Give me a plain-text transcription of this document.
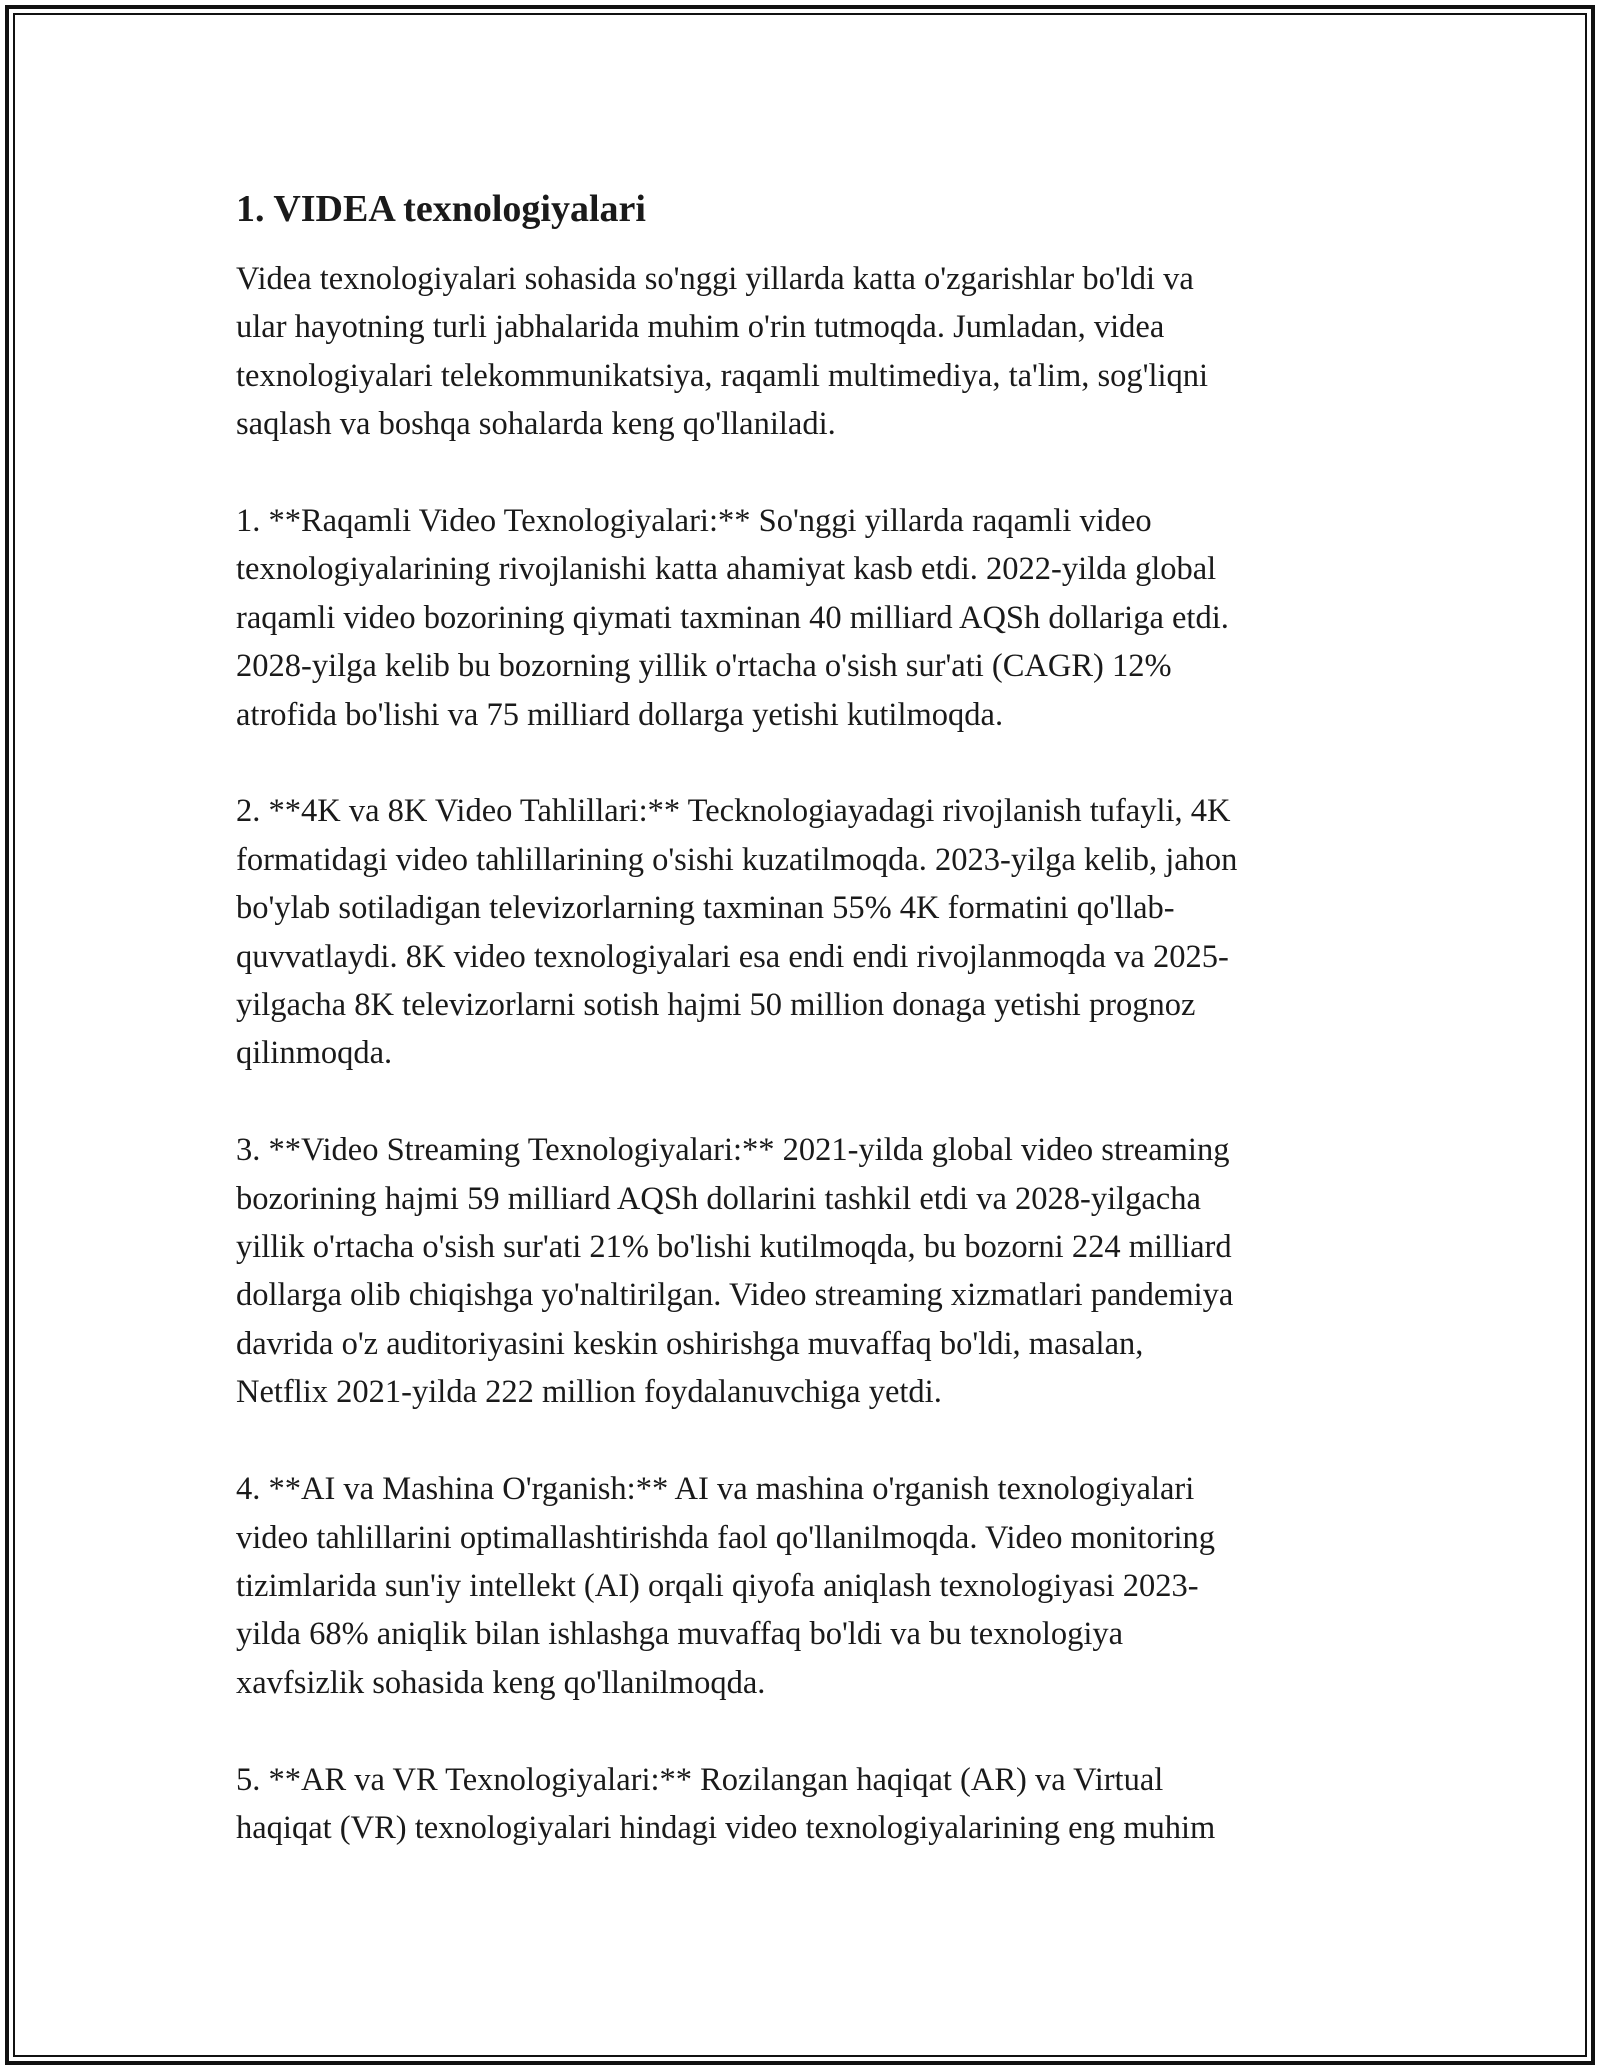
1. VIDEA texnologiyalari

Videa texnologiyalari sohasida so'nggi yillarda katta o'zgarishlar bo'ldi va
ular hayotning turli jabhalarida muhim o'rin tutmoqda. Jumladan, videa
texnologiyalari telekommunikatsiya, raqamli multimediya, ta'lim, sog'liqni
saqlash va boshqa sohalarda keng qo'llaniladi.

1. **Raqamli Video Texnologiyalari:** So'nggi yillarda raqamli video
texnologiyalarining rivojlanishi katta ahamiyat kasb etdi. 2022-yilda global
raqamli video bozorining qiymati taxminan 40 milliard AQSh dollariga etdi.
2028-yilga kelib bu bozorning yillik o'rtacha o'sish sur'ati (CAGR) 12%
atrofida bo'lishi va 75 milliard dollarga yetishi kutilmoqda.

2. **4K va 8K Video Tahlillari:** Tecknologiayadagi rivojlanish tufayli, 4K
formatidagi video tahlillarining o'sishi kuzatilmoqda. 2023-yilga kelib, jahon
bo'ylab sotiladigan televizorlarning taxminan 55% 4K formatini qo'llab-
quvvatlaydi. 8K video texnologiyalari esa endi endi rivojlanmoqda va 2025-
yilgacha 8K televizorlarni sotish hajmi 50 million donaga yetishi prognoz
qilinmoqda.

3. **Video Streaming Texnologiyalari:** 2021-yilda global video streaming
bozorining hajmi 59 milliard AQSh dollarini tashkil etdi va 2028-yilgacha
yillik o'rtacha o'sish sur'ati 21% bo'lishi kutilmoqda, bu bozorni 224 milliard
dollarga olib chiqishga yo'naltirilgan. Video streaming xizmatlari pandemiya
davrida o'z auditoriyasini keskin oshirishga muvaffaq bo'ldi, masalan,
Netflix 2021-yilda 222 million foydalanuvchiga yetdi.

4. **AI va Mashina O'rganish:** AI va mashina o'rganish texnologiyalari
video tahlillarini optimallashtirishda faol qo'llanilmoqda. Video monitoring
tizimlarida sun'iy intellekt (AI) orqali qiyofa aniqlash texnologiyasi 2023-
yilda 68% aniqlik bilan ishlashga muvaffaq bo'ldi va bu texnologiya
xavfsizlik sohasida keng qo'llanilmoqda.

5. **AR va VR Texnologiyalari:** Rozilangan haqiqat (AR) va Virtual
haqiqat (VR) texnologiyalari hindagi video texnologiyalarining eng muhim
